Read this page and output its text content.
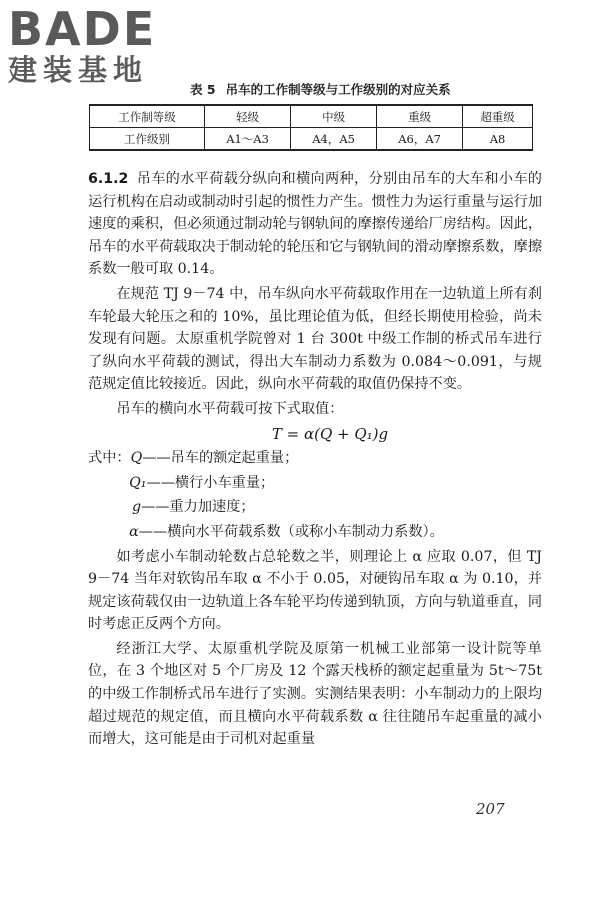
BADE
建装基地
表 5 吊车的工作制等级与工作级别的对应关系
工作制等级	轻级	中级	重级	超重级
工作级别	A1～A3	A4，A5	A6，A7	A8

6.1.2 吊车的水平荷载分纵向和横向两种，分别由吊车的大车和小车的运行机构在启动或制动时引起的惯性力产生。惯性力为运行重量与运行加速度的乘积，但必须通过制动轮与钢轨间的摩擦传递给厂房结构。因此，吊车的水平荷载取决于制动轮的轮压和它与钢轨间的滑动摩擦系数，摩擦系数一般可取 0.14。

在规范 TJ 9－74 中，吊车纵向水平荷载取作用在一边轨道上所有刹车轮最大轮压之和的 10%，虽比理论值为低，但经长期使用检验，尚未发现有问题。太原重机学院曾对 1 台 300t 中级工作制的桥式吊车进行了纵向水平荷载的测试，得出大车制动力系数为 0.084～0.091，与规范规定值比较接近。因此，纵向水平荷载的取值仍保持不变。

吊车的横向水平荷载可按下式取值：

T = α(Q + Q₁)g

式中：Q——吊车的额定起重量；

Q₁——横行小车重量；

g——重力加速度；

α——横向水平荷载系数（或称小车制动力系数）。

如考虑小车制动轮数占总轮数之半，则理论上 α 应取 0.07，但 TJ 9－74 当年对软钩吊车取 α 不小于 0.05，对硬钩吊车取 α 为 0.10，并规定该荷载仅由一边轨道上各车轮平均传递到轨顶，方向与轨道垂直，同时考虑正反两个方向。

经浙江大学、太原重机学院及原第一机械工业部第一设计院等单位，在 3 个地区对 5 个厂房及 12 个露天栈桥的额定起重量为 5t～75t 的中级工作制桥式吊车进行了实测。实测结果表明：小车制动力的上限均超过规范的规定值，而且横向水平荷载系数 α 往往随吊车起重量的减小而增大，这可能是由于司机对起重量

207
